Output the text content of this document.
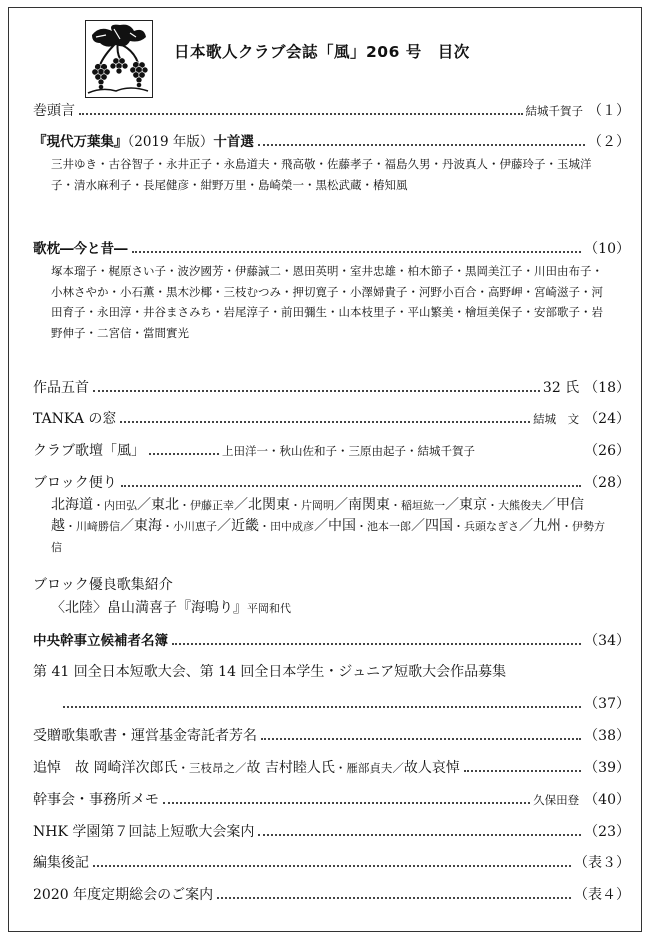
日本歌人クラブ会誌「風」206 号　目次
巻頭言	結城千賀子 （１）
『現代万葉集』（2019 年版）十首選	（２）
三井ゆき・古谷智子・永井正子・永島道夫・飛高敬・佐藤孝子・福島久男・丹波真人・伊藤玲子・玉城洋子・清水麻利子・長尾健彦・紺野万里・島崎榮一・黒松武蔵・椿知風
歌枕―今と昔―	（10）
塚本瑠子・梶原さい子・波汐國芳・伊藤誠二・恩田英明・室井忠雄・柏木節子・黒岡美江子・川田由布子・小林さやか・小石薫・黒木沙椰・三枝むつみ・押切寛子・小澤婦貴子・河野小百合・高野岬・宮崎滋子・河田育子・永田淳・井谷まさみち・岩尾淳子・前田彌生・山本枝里子・平山繁美・檜垣美保子・安部歌子・岩野伸子・二宮信・當間實光
作品五首	32 氏 （18）
TANKA の窓	結城　文 （24）
クラブ歌壇「風」	上田洋一・秋山佐和子・三原由起子・結城千賀子	（26）
ブロック便り	（28）
北海道・内田弘／東北・伊藤正幸／北関東・片岡明／南関東・稲垣紘一／東京・大熊俊夫／甲信越・川﨑勝信／東海・小川恵子／近畿・田中成彦／中国・池本一郎／四国・兵頭なぎさ／九州・伊勢方信
ブロック優良歌集紹介
〈北陸〉畠山満喜子『海鳴り』平岡和代
中央幹事立候補者名簿	（34）
第 41 回全日本短歌大会、第 14 回全日本学生・ジュニア短歌大会作品募集
（37）
受贈歌集歌書・運営基金寄託者芳名	（38）
追悼　故 岡崎洋次郎氏・三枝昂之／故 吉村睦人氏・雁部貞夫／故人哀悼	（39）
幹事会・事務所メモ	久保田登 （40）
NHK 学園第７回誌上短歌大会案内	（23）
編集後記	（表３）
2020 年度定期総会のご案内	（表４）
